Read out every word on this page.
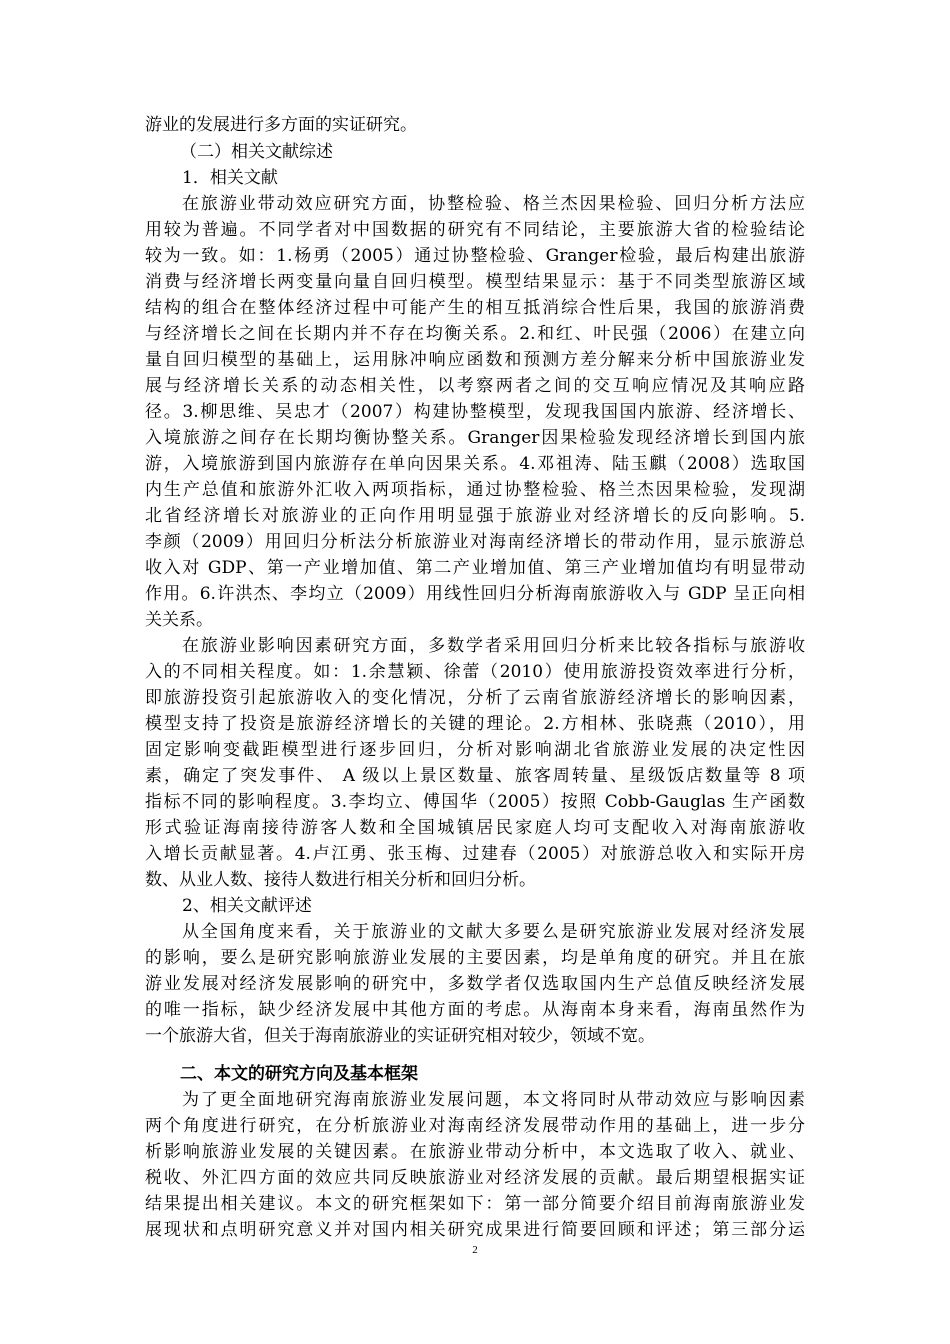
游业的发展进行多方面的实证研究。
（二）相关文献综述
1．相关文献
在旅游业带动效应研究方面，协整检验、格兰杰因果检验、回归分析方法应
用较为普遍。不同学者对中国数据的研究有不同结论，主要旅游大省的检验结论
较为一致。如：1.杨勇（2005）通过协整检验、Granger检验，最后构建出旅游
消费与经济增长两变量向量自回归模型。模型结果显示：基于不同类型旅游区域
结构的组合在整体经济过程中可能产生的相互抵消综合性后果，我国的旅游消费
与经济增长之间在长期内并不存在均衡关系。2.和红、叶民强（2006）在建立向
量自回归模型的基础上，运用脉冲响应函数和预测方差分解来分析中国旅游业发
展与经济增长关系的动态相关性，以考察两者之间的交互响应情况及其响应路
径。3.柳思维、吴忠才（2007）构建协整模型，发现我国国内旅游、经济增长、
入境旅游之间存在长期均衡协整关系。Granger因果检验发现经济增长到国内旅
游，入境旅游到国内旅游存在单向因果关系。4.邓祖涛、陆玉麒（2008）选取国
内生产总值和旅游外汇收入两项指标，通过协整检验、格兰杰因果检验，发现湖
北省经济增长对旅游业的正向作用明显强于旅游业对经济增长的反向影响。5.
李颜（2009）用回归分析法分析旅游业对海南经济增长的带动作用，显示旅游总
收入对 GDP、第一产业增加值、第二产业增加值、第三产业增加值均有明显带动
作用。6.许洪杰、李均立（2009）用线性回归分析海南旅游收入与 GDP 呈正向相
关关系。
在旅游业影响因素研究方面，多数学者采用回归分析来比较各指标与旅游收
入的不同相关程度。如：1.余慧颖、徐蕾（2010）使用旅游投资效率进行分析，
即旅游投资引起旅游收入的变化情况，分析了云南省旅游经济增长的影响因素，
模型支持了投资是旅游经济增长的关键的理论。2.方相林、张晓燕（2010），用
固定影响变截距模型进行逐步回归，分析对影响湖北省旅游业发展的决定性因
素，确定了突发事件、 A 级以上景区数量、旅客周转量、星级饭店数量等 8 项
指标不同的影响程度。3.李均立、傅国华（2005）按照 Cobb-Gauglas 生产函数
形式验证海南接待游客人数和全国城镇居民家庭人均可支配收入对海南旅游收
入增长贡献显著。4.卢江勇、张玉梅、过建春（2005）对旅游总收入和实际开房
数、从业人数、接待人数进行相关分析和回归分析。
2、相关文献评述
从全国角度来看，关于旅游业的文献大多要么是研究旅游业发展对经济发展
的影响，要么是研究影响旅游业发展的主要因素，均是单角度的研究。并且在旅
游业发展对经济发展影响的研究中，多数学者仅选取国内生产总值反映经济发展
的唯一指标，缺少经济发展中其他方面的考虑。从海南本身来看，海南虽然作为
一个旅游大省，但关于海南旅游业的实证研究相对较少，领域不宽。
二、本文的研究方向及基本框架
为了更全面地研究海南旅游业发展问题，本文将同时从带动效应与影响因素
两个角度进行研究，在分析旅游业对海南经济发展带动作用的基础上，进一步分
析影响旅游业发展的关键因素。在旅游业带动分析中，本文选取了收入、就业、
税收、外汇四方面的效应共同反映旅游业对经济发展的贡献。最后期望根据实证
结果提出相关建议。本文的研究框架如下：第一部分简要介绍目前海南旅游业发
展现状和点明研究意义并对国内相关研究成果进行简要回顾和评述；第三部分运
2
